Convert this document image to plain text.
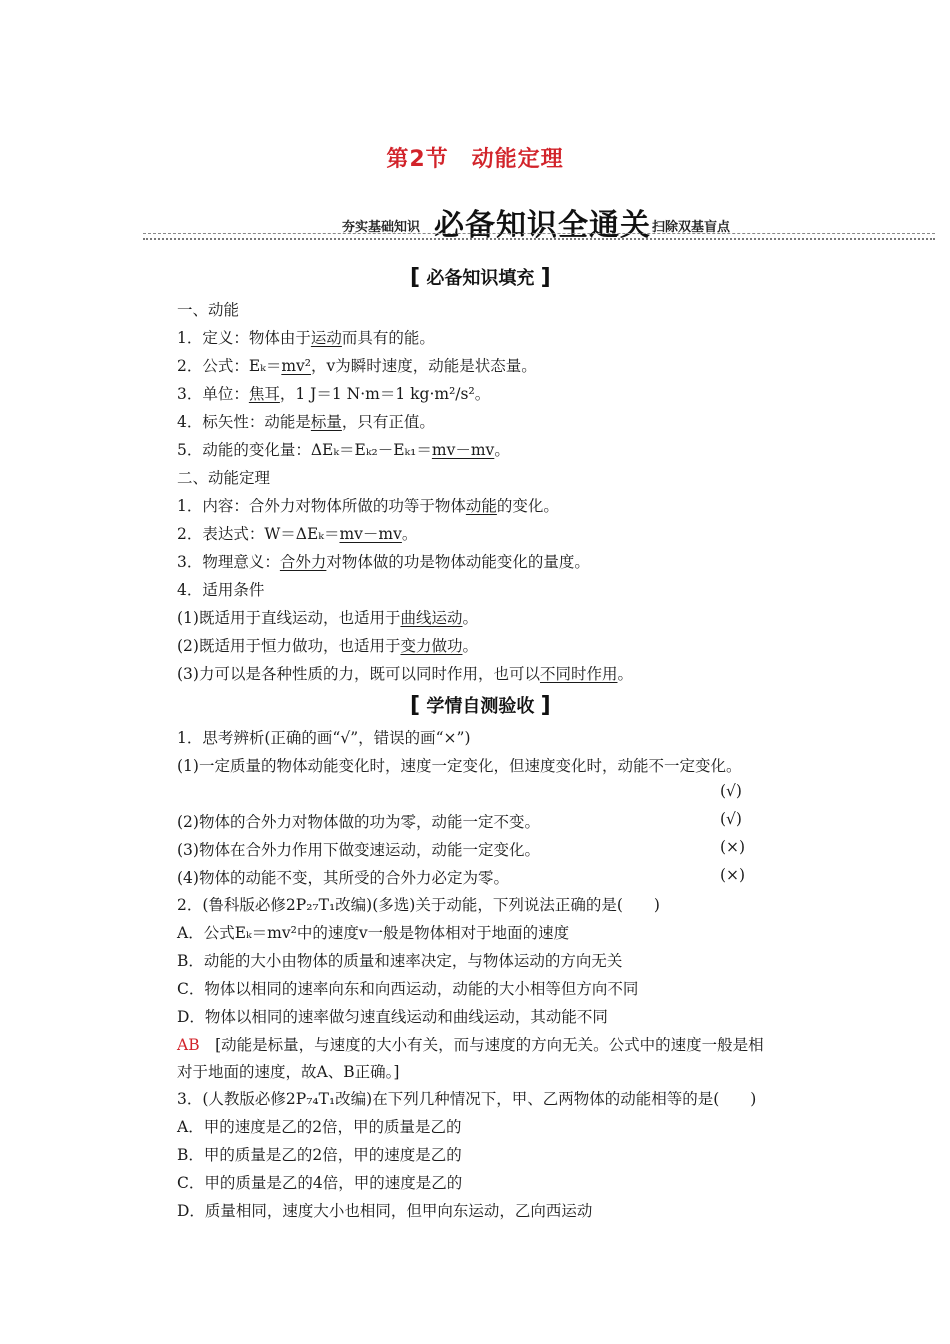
第2节　动能定理
夯实基础知识 必备知识全通关 扫除双基盲点
[ 必备知识填充 ]
一、动能
1．定义：物体由于运动而具有的能。
2．公式：Eₖ＝mv²，v为瞬时速度，动能是状态量。
3．单位：焦耳，1 J＝1 N·m＝1 kg·m²/s²。
4．标矢性：动能是标量，只有正值。
5．动能的变化量：ΔEₖ＝Eₖ₂－Eₖ₁＝mv－mv。
二、动能定理
1．内容：合外力对物体所做的功等于物体动能的变化。
2．表达式：W＝ΔEₖ＝mv－mv。
3．物理意义：合外力对物体做的功是物体动能变化的量度。
4．适用条件
(1)既适用于直线运动，也适用于曲线运动。
(2)既适用于恒力做功，也适用于变力做功。
(3)力可以是各种性质的力，既可以同时作用，也可以不同时作用。
[ 学情自测验收 ]
1．思考辨析(正确的画“√”，错误的画“×”)
(1)一定质量的物体动能变化时，速度一定变化，但速度变化时，动能不一定变化。
(√)
(2)物体的合外力对物体做的功为零，动能一定不变。	(√)
(3)物体在合外力作用下做变速运动，动能一定变化。	(×)
(4)物体的动能不变，其所受的合外力必定为零。	(×)
2．(鲁科版必修2P₂₇T₁改编)(多选)关于动能，下列说法正确的是(　　)
A．公式Eₖ＝mv²中的速度v一般是物体相对于地面的速度
B．动能的大小由物体的质量和速率决定，与物体运动的方向无关
C．物体以相同的速率向东和向西运动，动能的大小相等但方向不同
D．物体以相同的速率做匀速直线运动和曲线运动，其动能不同
AB　 [动能是标量，与速度的大小有关，而与速度的方向无关。公式中的速度一般是相
对于地面的速度，故A、B正确。]
3．(人教版必修2P₇₄T₁改编)在下列几种情况下，甲、乙两物体的动能相等的是(　　)
A．甲的速度是乙的2倍，甲的质量是乙的
B．甲的质量是乙的2倍，甲的速度是乙的
C．甲的质量是乙的4倍，甲的速度是乙的
D．质量相同，速度大小也相同，但甲向东运动，乙向西运动
